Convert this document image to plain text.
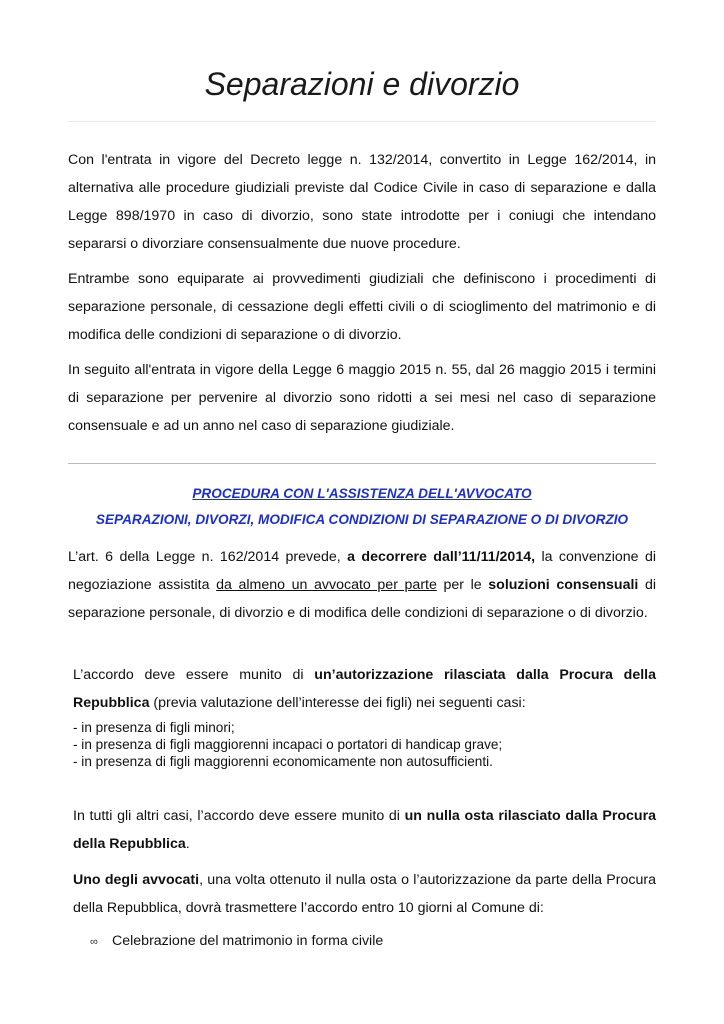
Separazioni e divorzio

Con l'entrata in vigore del Decreto legge n. 132/2014, convertito in Legge 162/2014, in alternativa alle procedure giudiziali previste dal Codice Civile in caso di separazione e dalla Legge 898/1970 in caso di divorzio, sono state introdotte per i coniugi che intendano separarsi o divorziare consensualmente due nuove procedure.

Entrambe sono equiparate ai provvedimenti giudiziali che definiscono i procedimenti di separazione personale, di cessazione degli effetti civili o di scioglimento del matrimonio e di modifica delle condizioni di separazione o di divorzio.

In seguito all'entrata in vigore della Legge 6 maggio 2015 n. 55, dal 26 maggio 2015 i termini di separazione per pervenire al divorzio sono ridotti a sei mesi nel caso di separazione consensuale e ad un anno nel caso di separazione giudiziale.

PROCEDURA CON L'ASSISTENZA DELL'AVVOCATO

SEPARAZIONI, DIVORZI, MODIFICA CONDIZIONI DI SEPARAZIONE O DI DIVORZIO

L’art. 6 della Legge n. 162/2014 prevede, a decorrere dall’11/11/2014, la convenzione di negoziazione assistita da almeno un avvocato per parte per le soluzioni consensuali di separazione personale, di divorzio e di modifica delle condizioni di separazione o di divorzio.

L’accordo deve essere munito di un’autorizzazione rilasciata dalla Procura della Repubblica (previa valutazione dell’interesse dei figli) nei seguenti casi:

- in presenza di figli minori;
- in presenza di figli maggiorenni incapaci o portatori di handicap grave;
- in presenza di figli maggiorenni economicamente non autosufficienti.

In tutti gli altri casi, l’accordo deve essere munito di un nulla osta rilasciato dalla Procura della Repubblica.

Uno degli avvocati, una volta ottenuto il nulla osta o l’autorizzazione da parte della Procura della Repubblica, dovrà trasmettere l’accordo entro 10 giorni al Comune di:

∞ Celebrazione del matrimonio in forma civile
